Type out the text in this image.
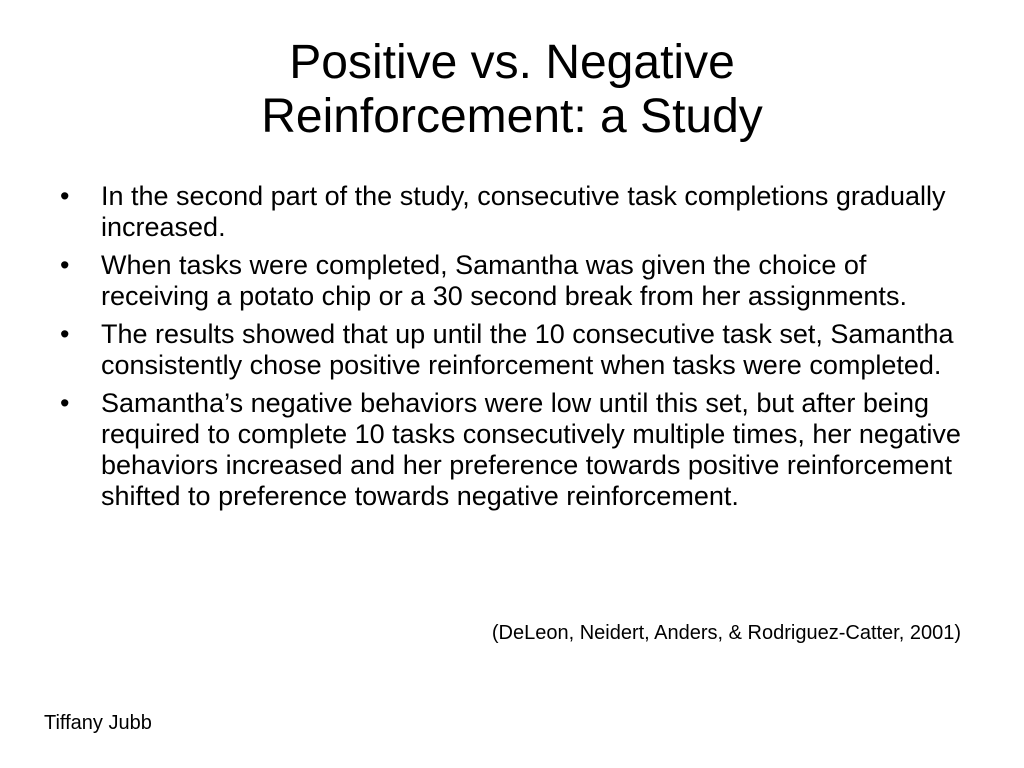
Positive vs. Negative
Reinforcement: a Study
• In the second part of the study, consecutive task completions gradually increased.
• When tasks were completed, Samantha was given the choice of receiving a potato chip or a 30 second break from her assignments.
• The results showed that up until the 10 consecutive task set, Samantha consistently chose positive reinforcement when tasks were completed.
• Samantha’s negative behaviors were low until this set, but after being required to complete 10 tasks consecutively multiple times, her negative behaviors increased and her preference towards positive reinforcement shifted to preference towards negative reinforcement.
(DeLeon, Neidert, Anders, & Rodriguez-Catter, 2001)
Tiffany Jubb
